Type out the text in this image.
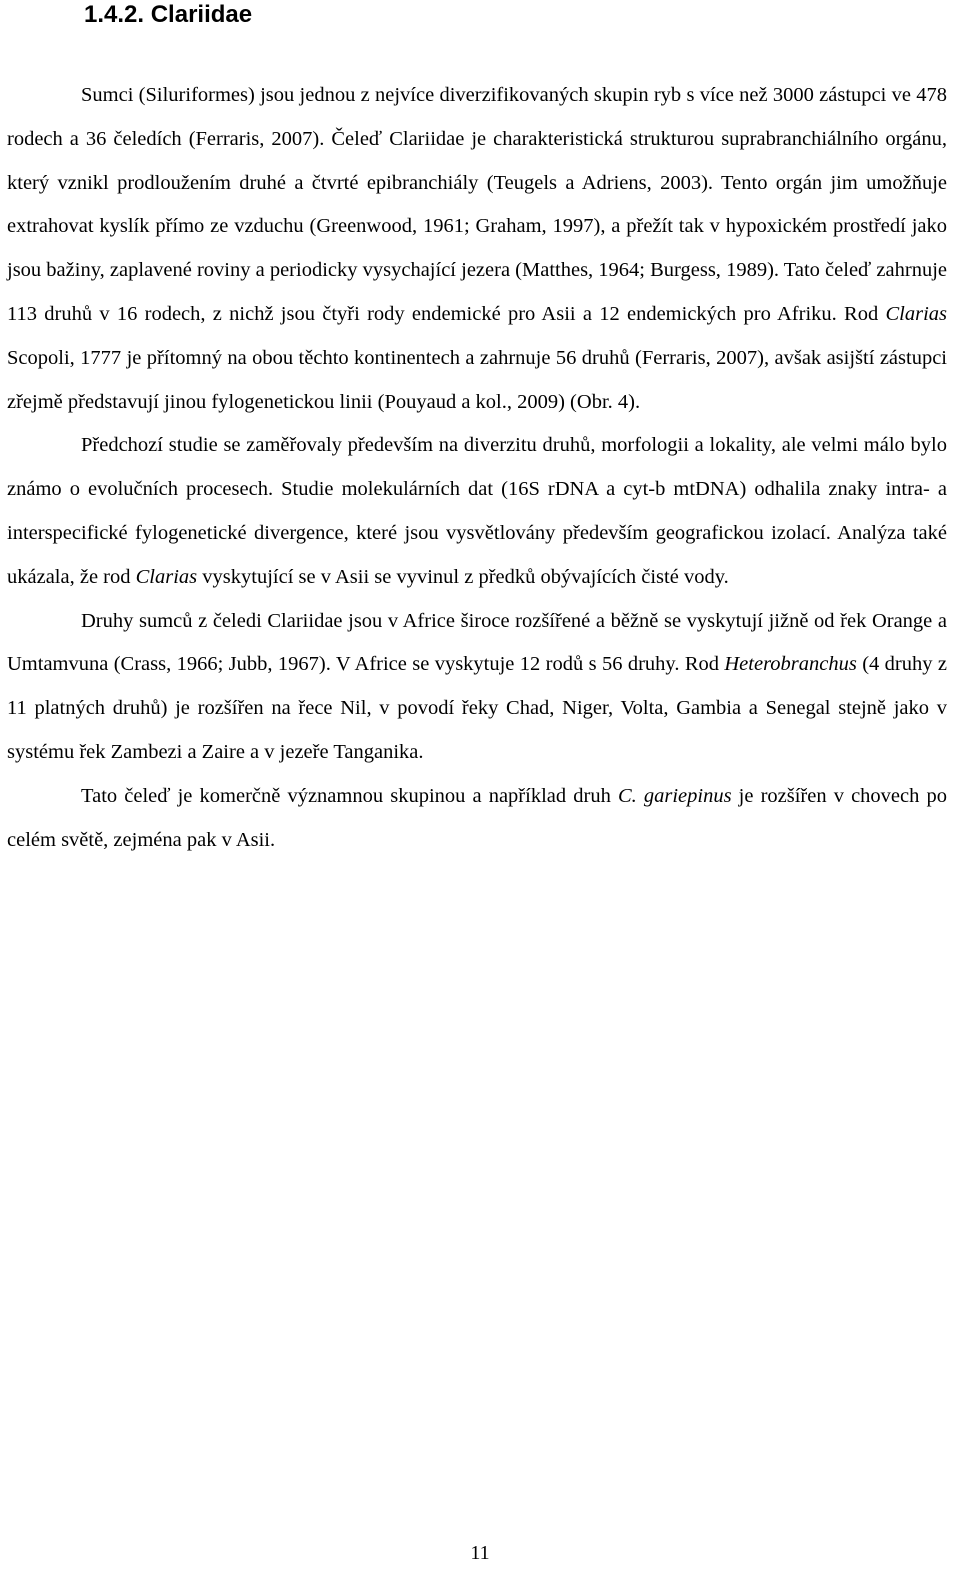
1.4.2. Clariidae

Sumci (Siluriformes) jsou jednou z nejvíce diverzifikovaných skupin ryb s více než 3000 zástupci ve 478 rodech a 36 čeledích (Ferraris, 2007). Čeleď Clariidae je charakteristická strukturou suprabranchiálního orgánu, který vznikl prodloužením druhé a čtvrté epibranchiály (Teugels a Adriens, 2003). Tento orgán jim umožňuje extrahovat kyslík přímo ze vzduchu (Greenwood, 1961; Graham, 1997), a přežít tak v hypoxickém prostředí jako jsou bažiny, zaplavené roviny a periodicky vysychající jezera (Matthes, 1964; Burgess, 1989). Tato čeleď zahrnuje 113 druhů v 16 rodech, z nichž jsou čtyři rody endemické pro Asii a 12 endemických pro Afriku. Rod Clarias Scopoli, 1777 je přítomný na obou těchto kontinentech a zahrnuje 56 druhů (Ferraris, 2007), avšak asijští zástupci zřejmě představují jinou fylogenetickou linii (Pouyaud a kol., 2009) (Obr. 4).

Předchozí studie se zaměřovaly především na diverzitu druhů, morfologii a lokality, ale velmi málo bylo známo o evolučních procesech. Studie molekulárních dat (16S rDNA a cyt-b mtDNA) odhalila znaky intra- a interspecifické fylogenetické divergence, které jsou vysvětlovány především geografickou izolací. Analýza také ukázala, že rod Clarias vyskytující se v Asii se vyvinul z předků obývajících čisté vody.

Druhy sumců z čeledi Clariidae jsou v Africe široce rozšířené a běžně se vyskytují jižně od řek Orange a Umtamvuna (Crass, 1966; Jubb, 1967). V Africe se vyskytuje 12 rodů s 56 druhy. Rod Heterobranchus (4 druhy z 11 platných druhů) je rozšířen na řece Nil, v povodí řeky Chad, Niger, Volta, Gambia a Senegal stejně jako v systému řek Zambezi a Zaire a v jezeře Tanganika.

Tato čeleď je komerčně významnou skupinou a například druh C. gariepinus je rozšířen v chovech po celém světě, zejména pak v Asii.

11
